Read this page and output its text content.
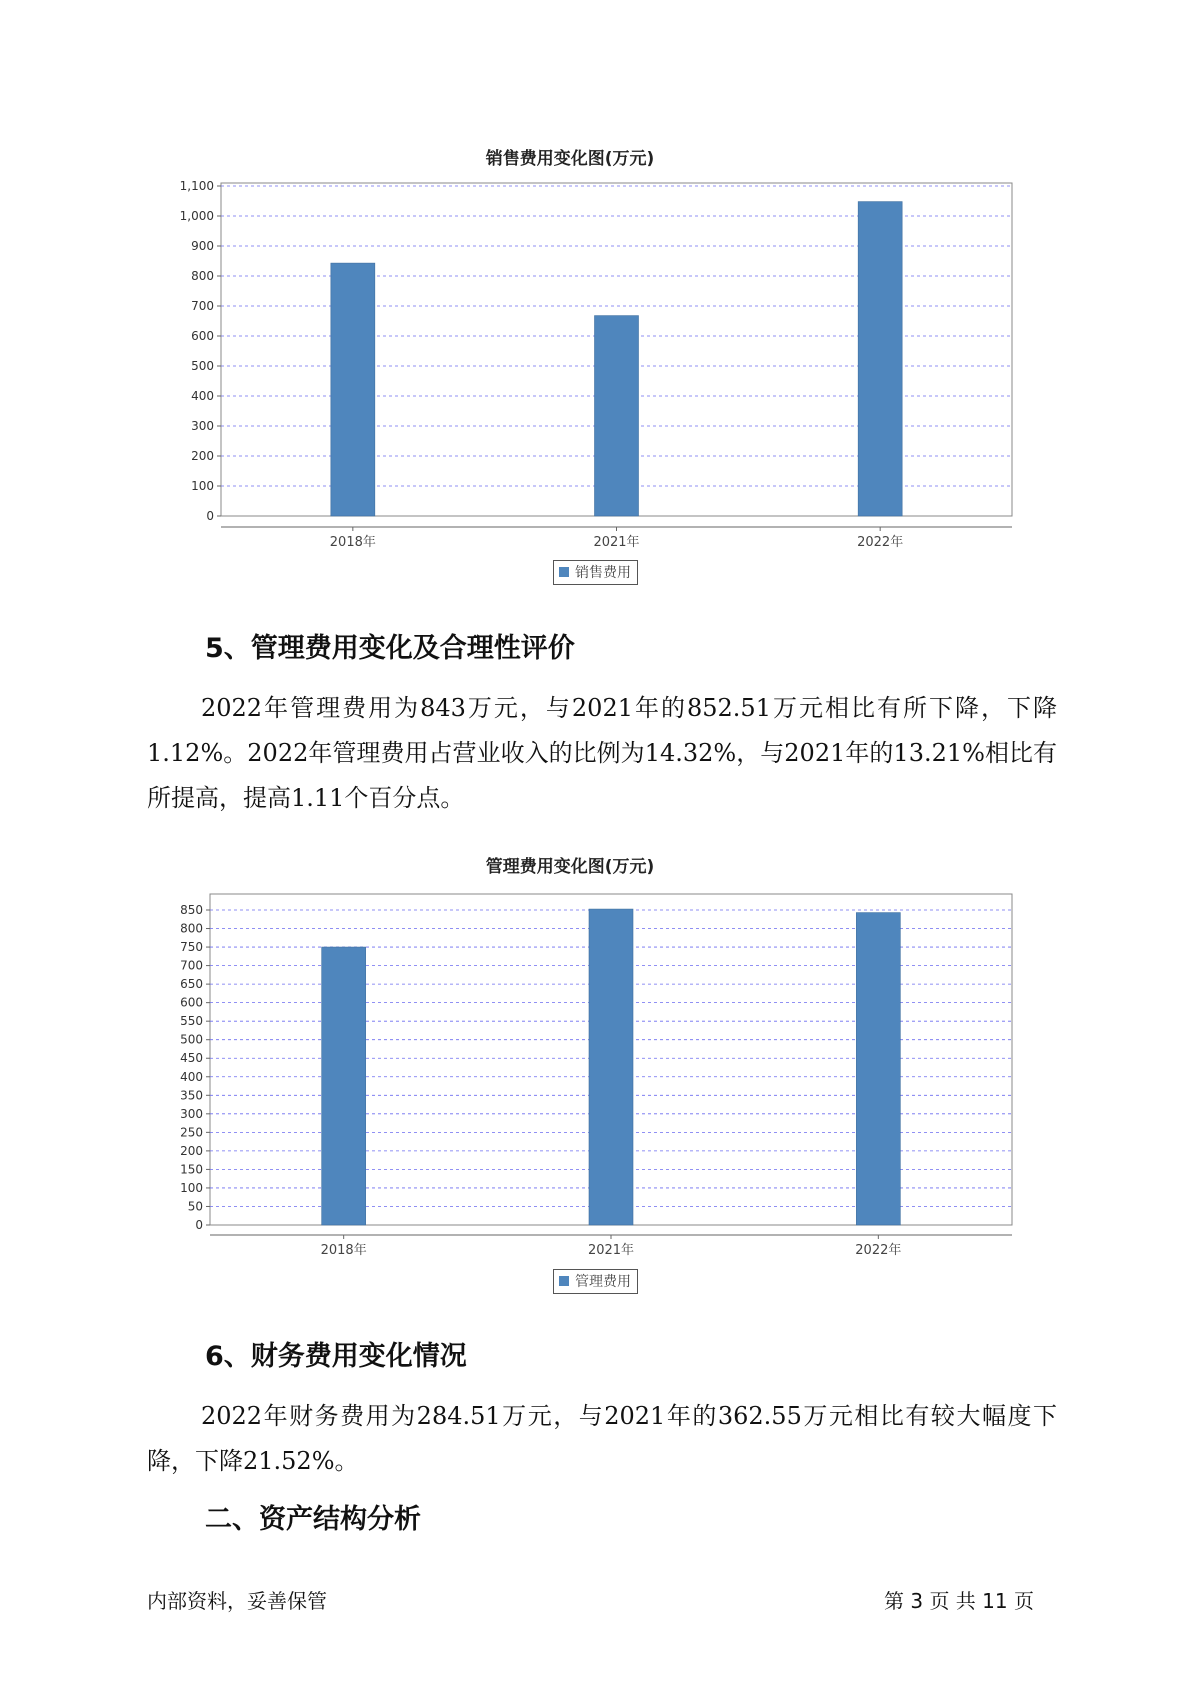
销售费用变化图(万元)
0
100
200
300
400
500
600
700
800
900
1,000
1,100
2018年	2021年	2022年
销售费用
5、管理费用变化及合理性评价
2022年管理费用为843万元，与2021年的852.51万元相比有所下降，下降1.12%。2022年管理费用占营业收入的比例为14.32%，与2021年的13.21%相比有所提高，提高1.11个百分点。
管理费用变化图(万元)
0
50
100
150
200
250
300
350
400
450
500
550
600
650
700
750
800
850
2018年	2021年	2022年
管理费用
6、财务费用变化情况
2022年财务费用为284.51万元，与2021年的362.55万元相比有较大幅度下降，下降21.52%。
二、资产结构分析
内部资料，妥善保管	第 3 页 共 11 页
